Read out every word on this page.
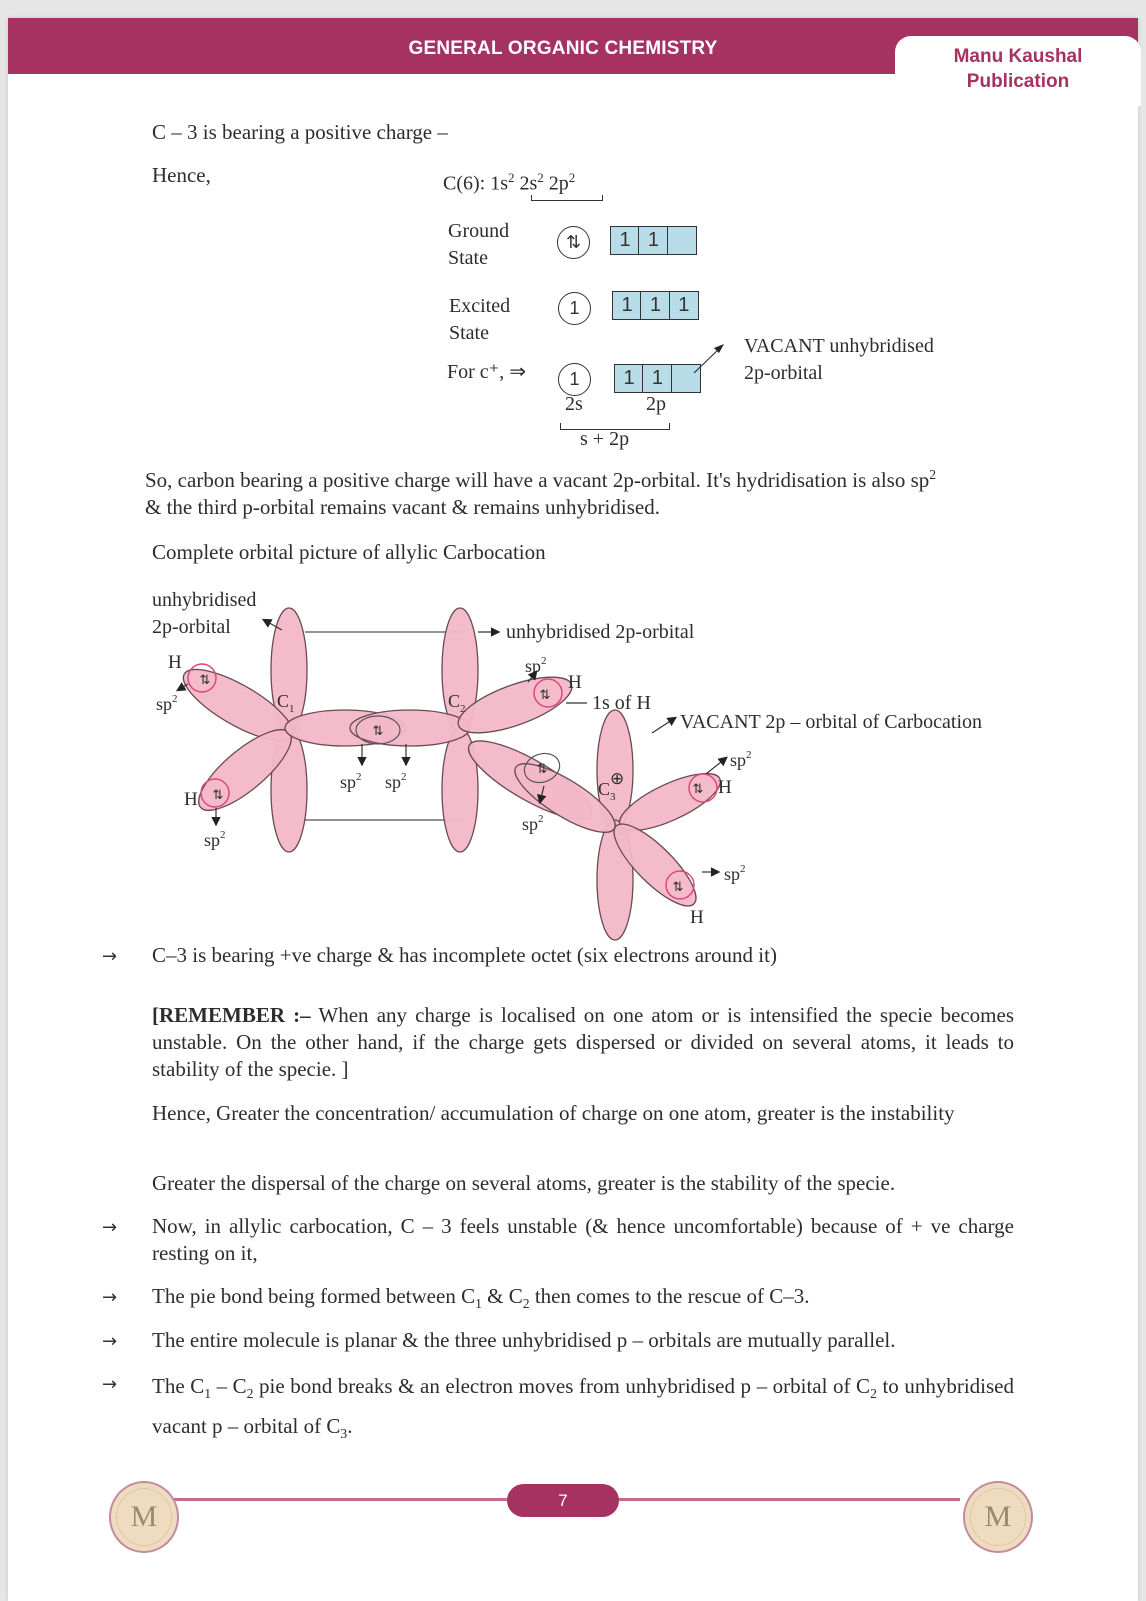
GENERAL ORGANIC CHEMISTRY	Manu Kaushal
Publication
C – 3 is bearing a positive charge –
Hence,	C(6): $1s^2$ $2s^2$ $2p^2$
Ground
State
⇅	1 1
Excited
State
1	1 1 1
For c⁺, ⇒	1	1 1
VACANT unhybridised
2p-orbital
2s	2p
s + 2p
So, carbon bearing a positive charge will have a vacant 2p-orbital. It's hydridisation is also $sp^2$
& the third p-orbital remains vacant & remains unhybridised.
Complete orbital picture of allylic Carbocation
⇅
⇅
⇅
⇅
⇅
⇅
⇅
$C_1$	$C_2$
$C_3$
⊕
unhybridised
2p-orbital	unhybridised 2p-orbital
H
H
H
H
H
1s of H
VACANT 2p – orbital of Carbocation
$sp^2$
$sp^2$
$sp^2$ $sp^2$
$sp^2$
$sp^2$
$sp^2$
$sp^2$
→ C–3 is bearing +ve charge & has incomplete octet (six electrons around it)
[REMEMBER :– When any charge is localised on one atom or is intensified the specie becomes unstable. On the other hand, if the charge gets dispersed or divided on several atoms, it leads to stability of the specie. ]
Hence, Greater the concentration/ accumulation of charge on one atom, greater is the instability
Greater the dispersal of the charge on several atoms, greater is the stability of the specie.
→ Now, in allylic carbocation, C – 3 feels unstable (& hence uncomfortable) because of + ve charge resting on it,
→ The pie bond being formed between $C_1$ & $C_2$ then comes to the rescue of C–3.
→ The entire molecule is planar & the three unhybridised p – orbitals are mutually parallel.
→ The $C_1 - C_2$ pie bond breaks & an electron moves from unhybridised p – orbital of $C_2$ to unhybridised vacant p – orbital of $C_3$.
M	M
7
